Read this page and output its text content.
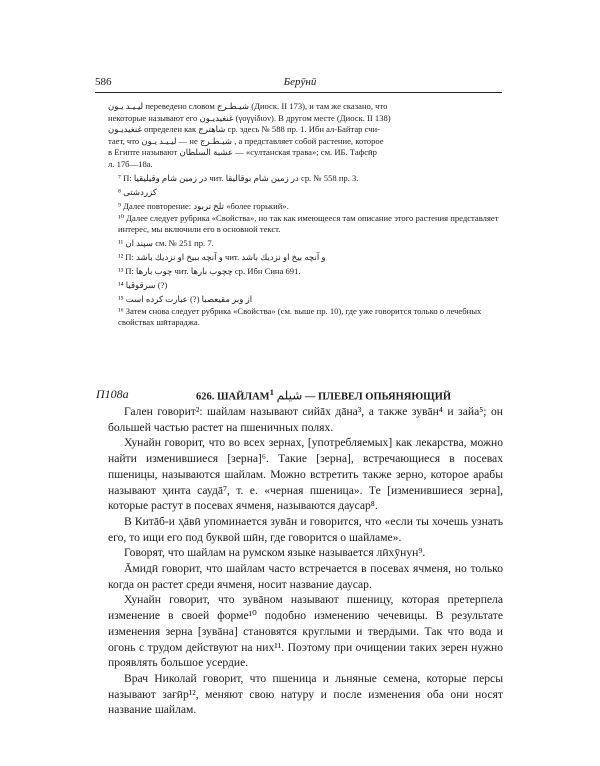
586	Бeрӯнӣ
ليـيـد يـون переведено словом شيـطـرج (Диоск. II 173), и там же сказано, что
некоторые называют его غنغيديـون (γογγίδιον). В другом месте (Диоск. II 138)
غنغيديـون определен как شاهترج ср. здесь № 588 пр. 1. Ибн ал-Байтар счи-
тает, что ليـيـد يـون — не شيـطـرج , а представляет собой растение, которое
в Египте называют عشبة السلطان — «султанская трава»; см. ИБ. Тафсӣр
л. 17б—18а.
⁷ П: در زمين شام وقيليقيا чит. در زمين شام بوقاليقا ср. № 558 пр. 3.
⁸ كزردشتى
⁹ Далее повторение: تلخ تربود «более горький».
¹⁰ Далее следует рубрика «Свойства», но так как имеющееся там описание этого растения представляет интерес, мы включили его в основной текст.
¹¹ سپند ان см. № 251 пр. 7.
¹² П: و آنچه ببيخ او نزديك باشد чит. و آنچه بيخ او نزديك باشد
¹³ П: چوب بارها чит. چچوب بارها ср. Ибн Сина 691.
¹⁴ سرقوقيا (?)
¹⁵ از وبر مقيعصبا (?) عبارت كرده است
¹⁶ Затем снова следует рубрика «Свойства» (см. выше пр. 10), где уже говорится только о лечебных свойствах шӣтараджа.
П108а	626. ШАЙЛАМ$^1$ شيلم — ПЛЕВЕЛ ОПЬЯНЯЮЩИЙ

Гален говорит²: шайлам называют сийāх дāна³, а также зувāн⁴ и зайа⁵; он большей частью растет на пшеничных полях.

Хунайн говорит, что во всех зернах, [употребляемых] как лекарства, можно найти изменившиеся [зерна]⁶. Такие [зерна], встречающиеся в посевах пшеницы, называются шайлам. Можно встретить также зерно, которое арабы называют ҳинта саудā⁷, т. е. «черная пшеница». Те [изменившиеся зерна], которые растут в посевах ячменя, называются даусар⁸.

В Китāб-и ҳāвӣ упоминается зувāн и говорится, что «если ты хочешь узнать его, то ищи его под буквой шӣн, где говорится о шайламе».

Говорят, что шайлам на румском языке называется лӣхӯнун⁹.

Āмидӣ говорит, что шайлам часто встречается в посевах ячменя, но только когда он растет среди ячменя, носит название даусар.

Хунайн говорит, что зувāном называют пшеницу, которая претерпела изменение в своей форме¹⁰ подобно изменению чечевицы. В результате изменения зерна [зувāна] становятся круглыми и твердыми. Так что вода и огонь с трудом действуют на них¹¹. Поэтому при очищении таких зерен нужно проявлять большое усердие.

Врач Николай говорит, что пшеница и льняные семена, которые персы называют зағӣр¹², меняют свою натуру и после изменения оба они носят название шайлам.
